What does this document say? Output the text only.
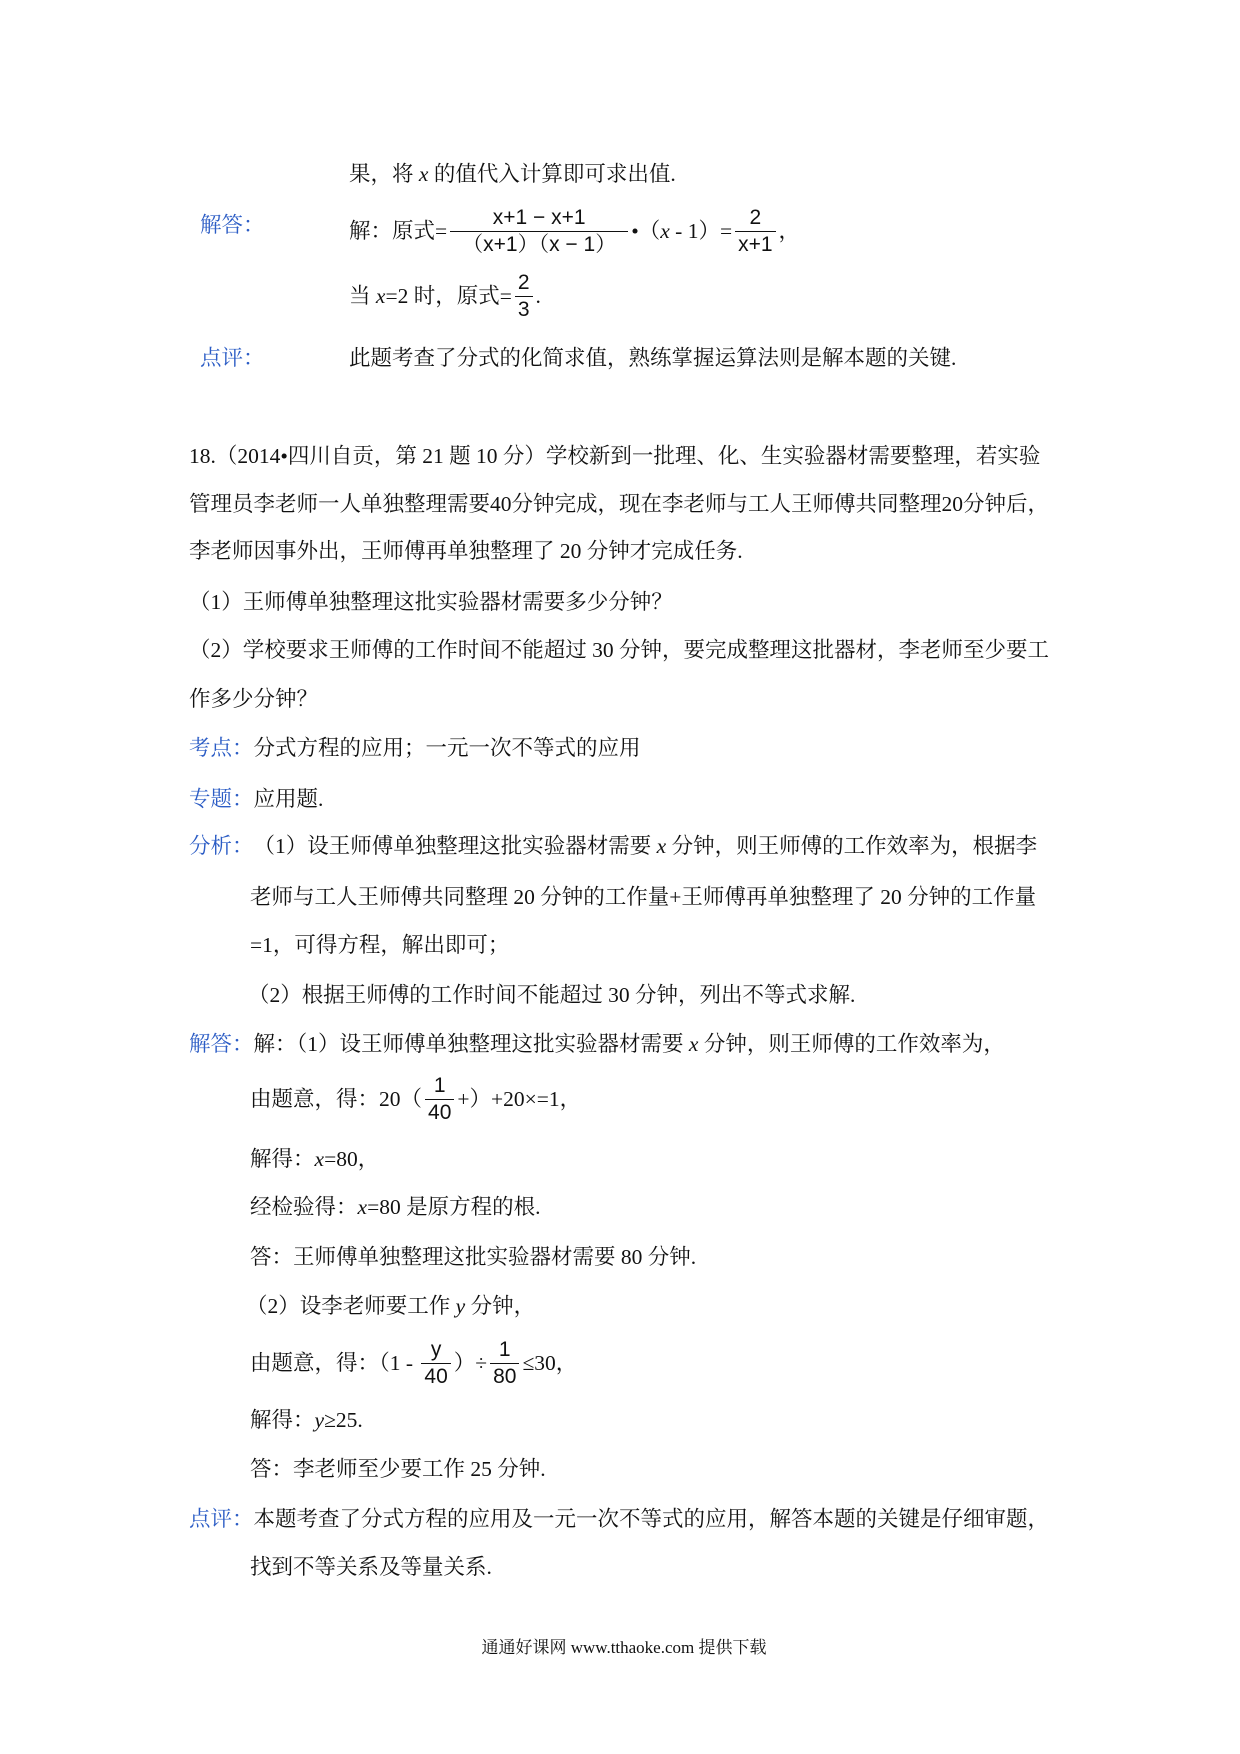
果，将 x 的值代入计算即可求出值.
解答：	解：原式= $\frac{x+1 - x+1}{(x+1)(x - 1)}$ •（ $x - 1)= \frac{2}{x+1}$ ，
当 x =2 时，原式= $\frac{2}{3}$ .
点评：	此题考查了分式的化简求值，熟练掌握运算法则是解本题的关键.
18.（2014•四川自贡，第 21 题 10 分）学校新到一批理、化、生实验器材需要整理，若实验
管理员李老师一人单独整理需要40分钟完成，现在李老师与工人王师傅共同整理20分钟后，
李老师因事外出，王师傅再单独整理了 20 分钟才完成任务.
（1）王师傅单独整理这批实验器材需要多少分钟？
（2）学校要求王师傅的工作时间不能超过 30 分钟，要完成整理这批器材，李老师至少要工
作多少分钟？
考点： 分式方程的应用；一元一次不等式的应用
专题： 应用题.
分析： （1）设王师傅单独整理这批实验器材需要 x 分钟，则王师傅的工作效率为，根据李
老师与工人王师傅共同整理 20 分钟的工作量+王师傅再单独整理了 20 分钟的工作量
=1，可得方程，解出即可；
（2）根据王师傅的工作时间不能超过 30 分钟，列出不等式求解.
解答： 解：（1）设王师傅单独整理这批实验器材需要 x 分钟，则王师傅的工作效率为，
由题意，得：$20( \frac{1}{40} +)+20\times=1$，
解得： x =80，
经检验得： x =80 是原方程的根.
答：王师傅单独整理这批实验器材需要 80 分钟.
（2）设李老师要工作 y 分钟，
由题意，得：（$1 - \frac{y}{40}$ ）÷ $\frac{1}{80} \le 30$，
解得： y ≥25.
答：李老师至少要工作 25 分钟.
点评： 本题考查了分式方程的应用及一元一次不等式的应用，解答本题的关键是仔细审题，
找到不等关系及等量关系.
通通好课网 www.tthaoke.com 提供下载
